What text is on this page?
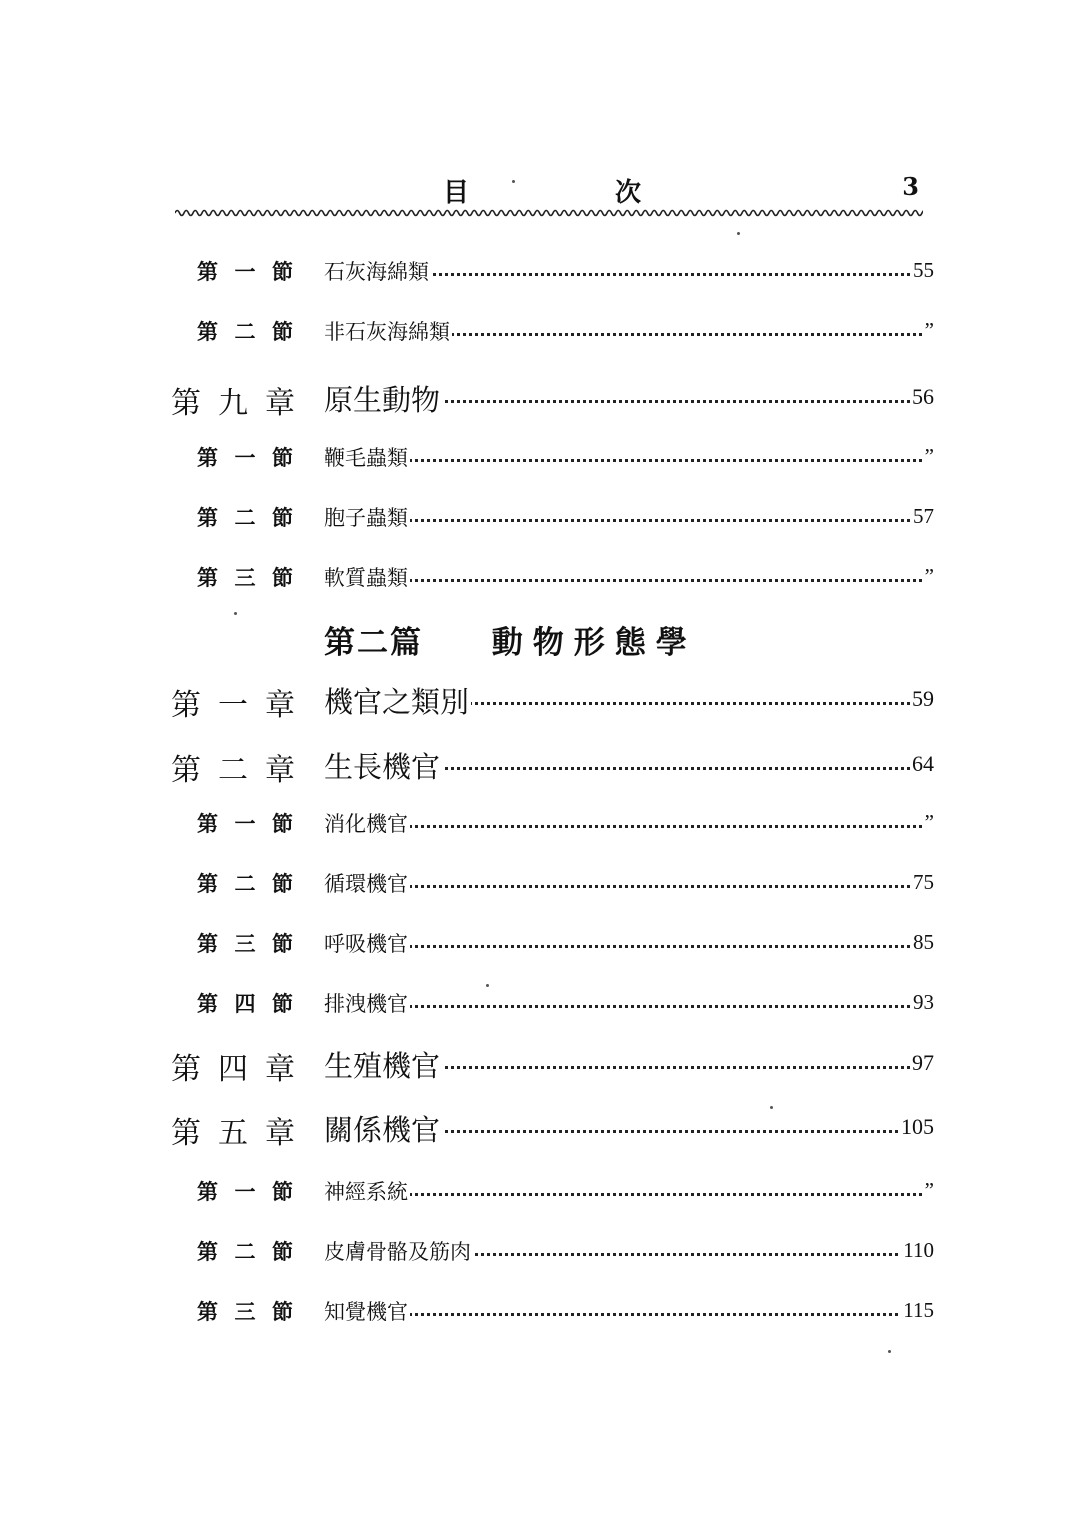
目	次	3
第一節 石灰海綿類	55
第二節 非石灰海綿類	”
第九章 原生動物	56
第一節 鞭毛蟲類	”
第二節 胞子蟲類	57
第三節 軟質蟲類	”
第二篇 動物形態學
第一章 機官之類別	59
第二章 生長機官	64
第一節 消化機官	”
第二節 循環機官	75
第三節 呼吸機官	85
第四節 排洩機官	93
第四章 生殖機官	97
第五章 關係機官	105
第一節 神經系統	”
第二節 皮膚骨骼及筋肉	110
第三節 知覺機官	115
